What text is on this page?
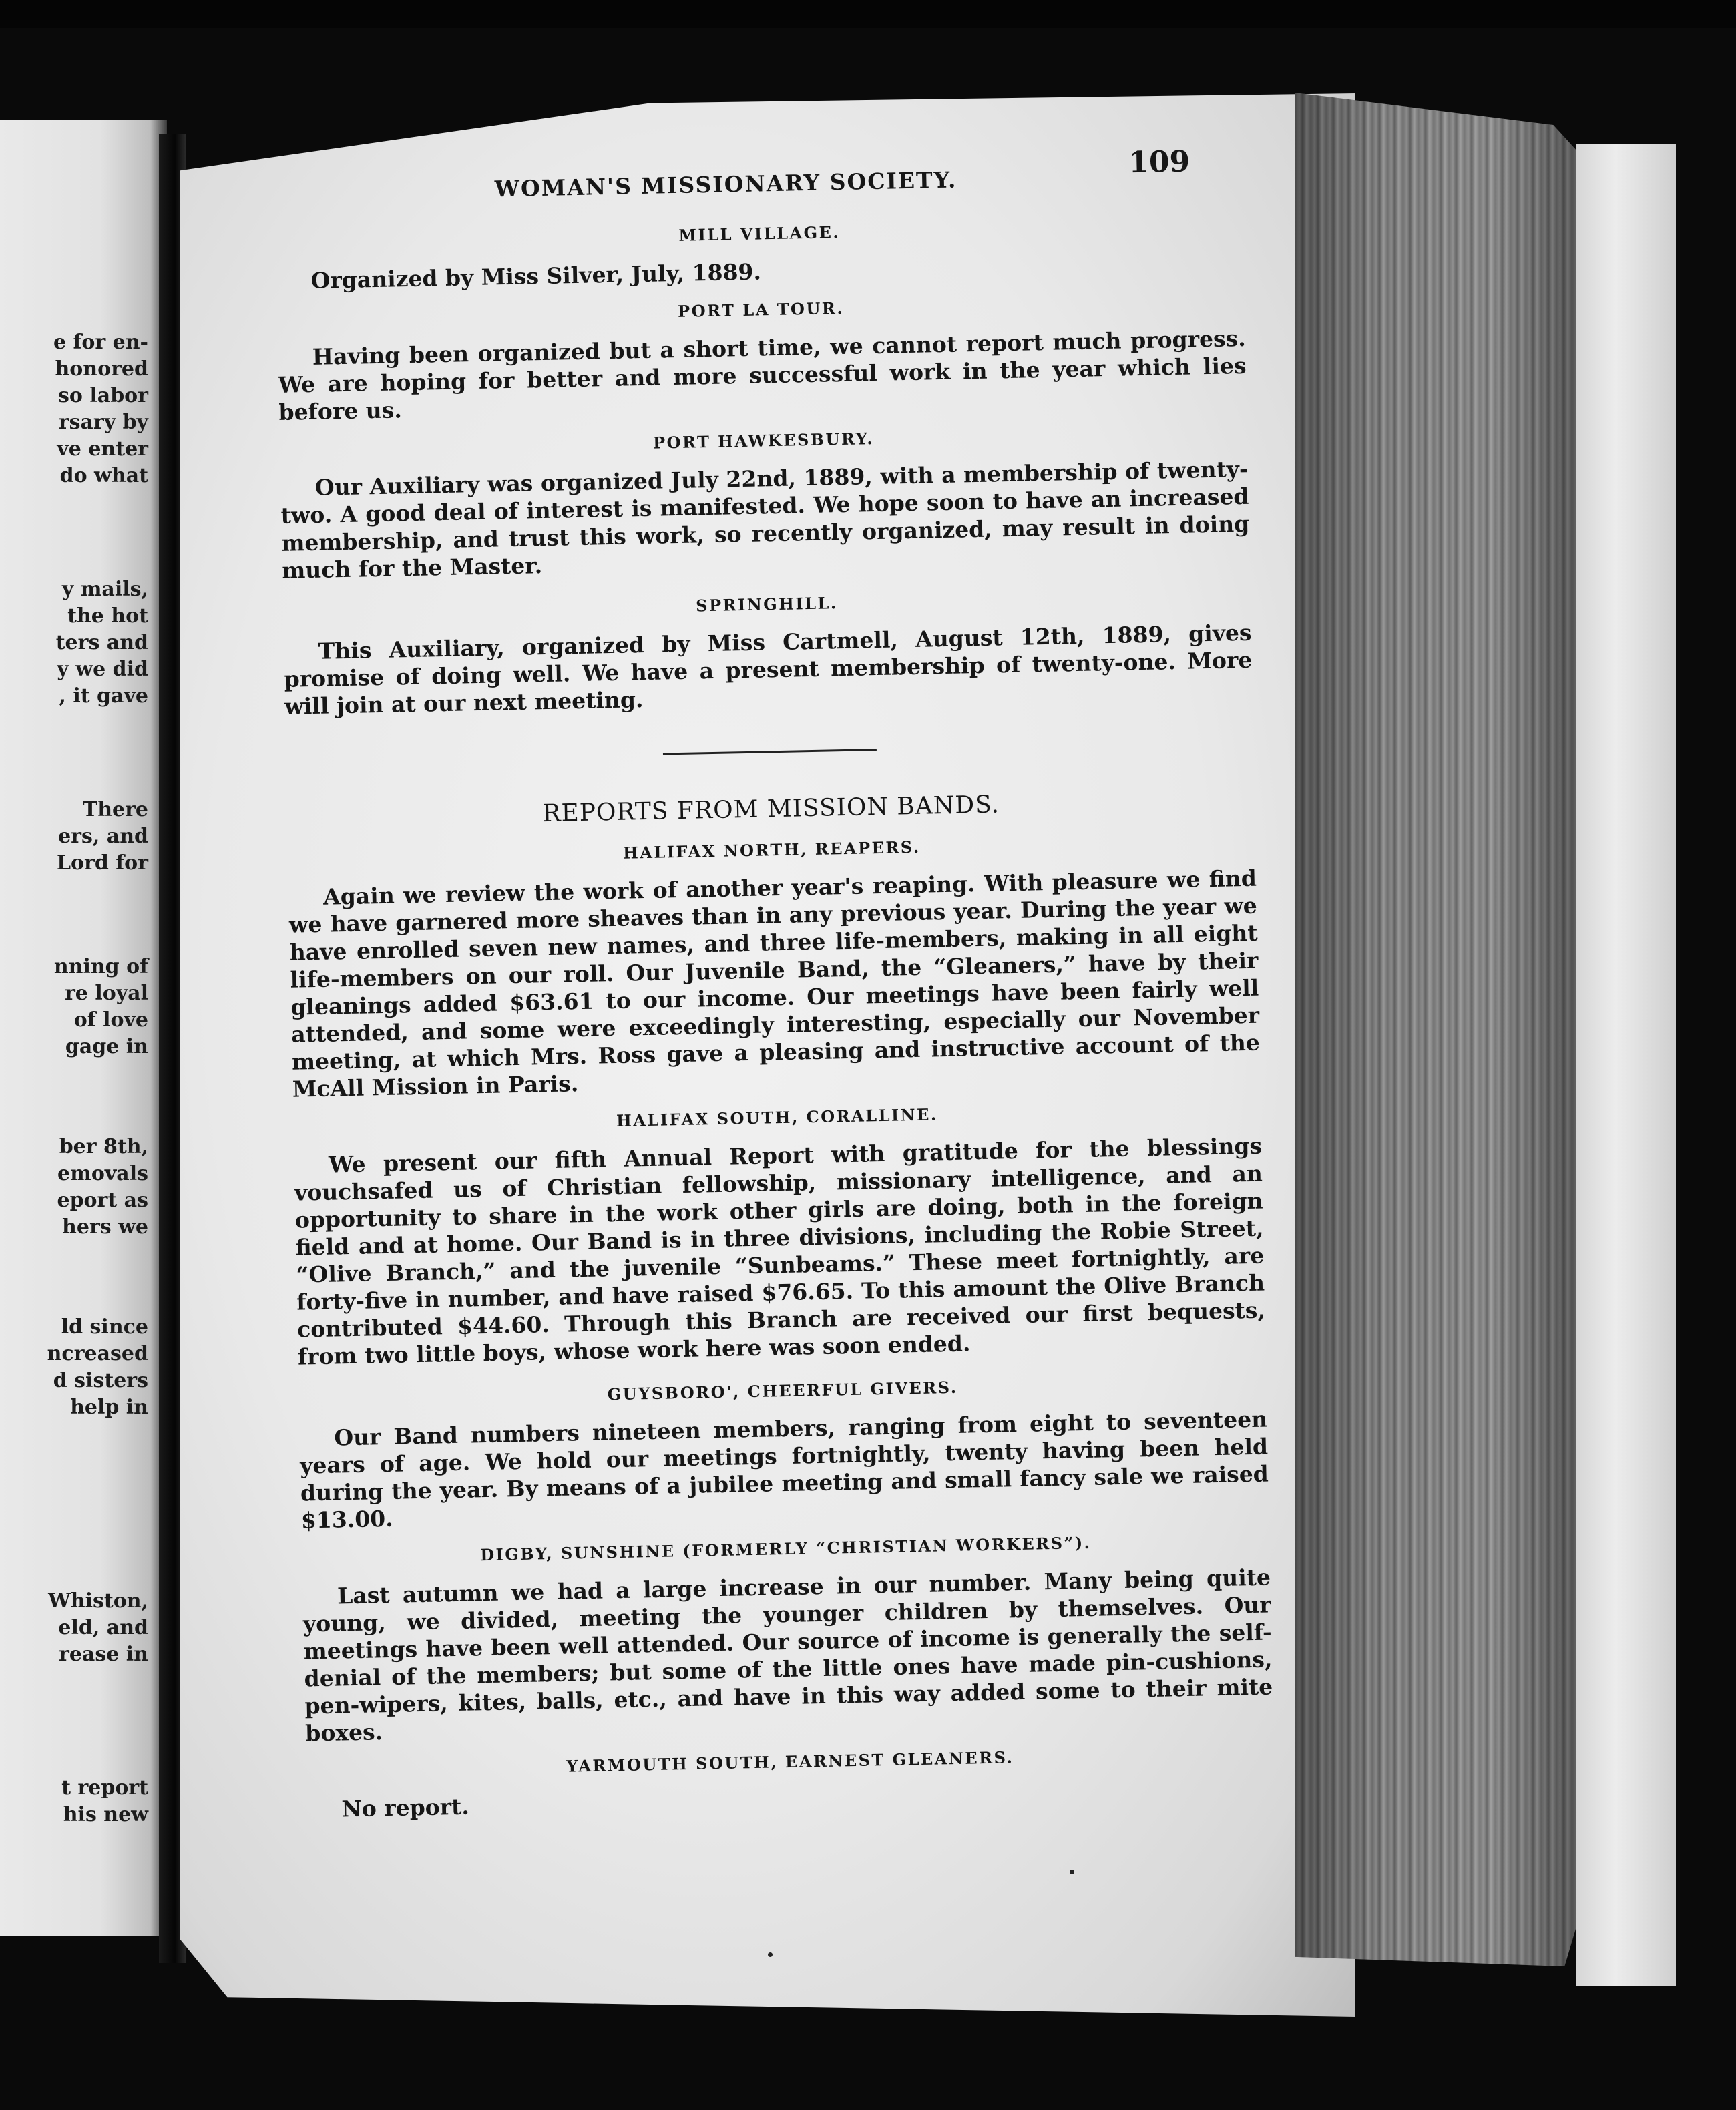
e for en-
honored
so labor
rsary by
ve enter
do what
y mails,
the hot
ters and
y we did
, it gave
There
ers, and
Lord for
nning of
re loyal
of love
gage in
ber 8th,
emovals
eport as
hers we
ld since
ncreased
d sisters
help in
Whiston,
eld, and
rease in
t report
his new
WOMAN'S MISSIONARY SOCIETY.
109
MILL VILLAGE.

Organized by Miss Silver, July, 1889.

PORT LA TOUR.

Having been organized but a short time, we cannot report much progress. We are hoping for better and more successful work in the year which lies before us.

PORT HAWKESBURY.

Our Auxiliary was organized July 22nd, 1889, with a membership of twenty-two. A good deal of interest is manifested. We hope soon to have an increased membership, and trust this work, so recently organized, may result in doing much for the Master.

SPRINGHILL.

This Auxiliary, organized by Miss Cartmell, August 12th, 1889, gives promise of doing well. We have a present membership of twenty-one. More will join at our next meeting.

REPORTS FROM MISSION BANDS.
HALIFAX NORTH, REAPERS.

Again we review the work of another year's reaping. With pleasure we find we have garnered more sheaves than in any previous year. During the year we have enrolled seven new names, and three life-members, making in all eight life-members on our roll. Our Juvenile Band, the “Gleaners,” have by their gleanings added $63.61 to our income. Our meetings have been fairly well attended, and some were exceedingly interesting, especially our November meeting, at which Mrs. Ross gave a pleasing and instructive account of the McAll Mission in Paris.

HALIFAX SOUTH, CORALLINE.

We present our fifth Annual Report with gratitude for the blessings vouchsafed us of Christian fellowship, missionary intelligence, and an opportunity to share in the work other girls are doing, both in the foreign field and at home. Our Band is in three divisions, including the Robie Street, “Olive Branch,” and the juvenile “Sunbeams.” These meet fortnightly, are forty-five in number, and have raised $76.65. To this amount the Olive Branch contributed $44.60. Through this Branch are received our first bequests, from two little boys, whose work here was soon ended.

GUYSBORO', CHEERFUL GIVERS.

Our Band numbers nineteen members, ranging from eight to seventeen years of age. We hold our meetings fortnightly, twenty having been held during the year. By means of a jubilee meeting and small fancy sale we raised $13.00.

DIGBY, SUNSHINE (FORMERLY “CHRISTIAN WORKERS”).

Last autumn we had a large increase in our number. Many being quite young, we divided, meeting the younger children by themselves. Our meetings have been well attended. Our source of income is generally the self-denial of the members; but some of the little ones have made pin-cushions, pen-wipers, kites, balls, etc., and have in this way added some to their mite boxes.

YARMOUTH SOUTH, EARNEST GLEANERS.

No report.
